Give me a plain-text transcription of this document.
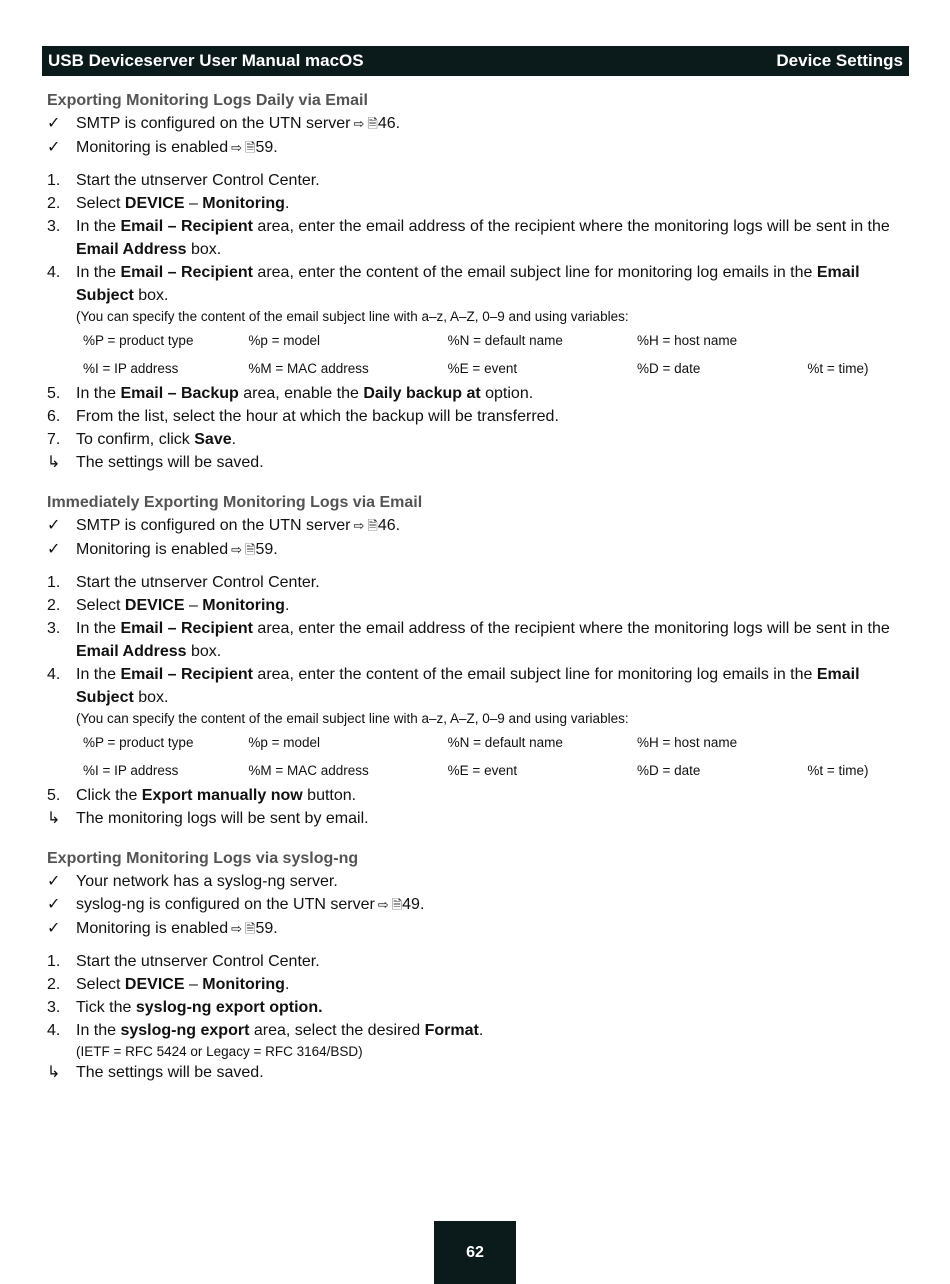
USB Deviceserver User Manual macOS	Device Settings
Exporting Monitoring Logs Daily via Email
✓ SMTP is configured on the UTN server ⇨ 🗎46.
✓ Monitoring is enabled ⇨ 🗎59.
1. Start the utnserver Control Center.
2. Select DEVICE – Monitoring.
3. In the Email – Recipient area, enter the email address of the recipient where the monitoring logs will be sent in the Email Address box.
4. In the Email – Recipient area, enter the content of the email subject line for monitoring log emails in the Email Subject box.
(You can specify the content of the email subject line with a–z, A–Z, 0–9 and using variables:
%P = product type	%p = model	%N = default name	%H = host name
%I = IP address	%M = MAC address	%E = event	%D = date	%t = time)
5. In the Email – Backup area, enable the Daily backup at option.
6. From the list, select the hour at which the backup will be transferred.
7. To confirm, click Save.
↳ The settings will be saved.
Immediately Exporting Monitoring Logs via Email
✓ SMTP is configured on the UTN server ⇨ 🗎46.
✓ Monitoring is enabled ⇨ 🗎59.
1. Start the utnserver Control Center.
2. Select DEVICE – Monitoring.
3. In the Email – Recipient area, enter the email address of the recipient where the monitoring logs will be sent in the Email Address box.
4. In the Email – Recipient area, enter the content of the email subject line for monitoring log emails in the Email Subject box.
(You can specify the content of the email subject line with a–z, A–Z, 0–9 and using variables:
%P = product type	%p = model	%N = default name	%H = host name
%I = IP address	%M = MAC address	%E = event	%D = date	%t = time)
5. Click the Export manually now button.
↳ The monitoring logs will be sent by email.
Exporting Monitoring Logs via syslog-ng
✓ Your network has a syslog-ng server.
✓ syslog-ng is configured on the UTN server ⇨ 🗎49.
✓ Monitoring is enabled ⇨ 🗎59.
1. Start the utnserver Control Center.
2. Select DEVICE – Monitoring.
3. Tick the syslog-ng export option.
4. In the syslog-ng export area, select the desired Format.
(IETF = RFC 5424 or Legacy = RFC 3164/BSD)
↳ The settings will be saved.
62
